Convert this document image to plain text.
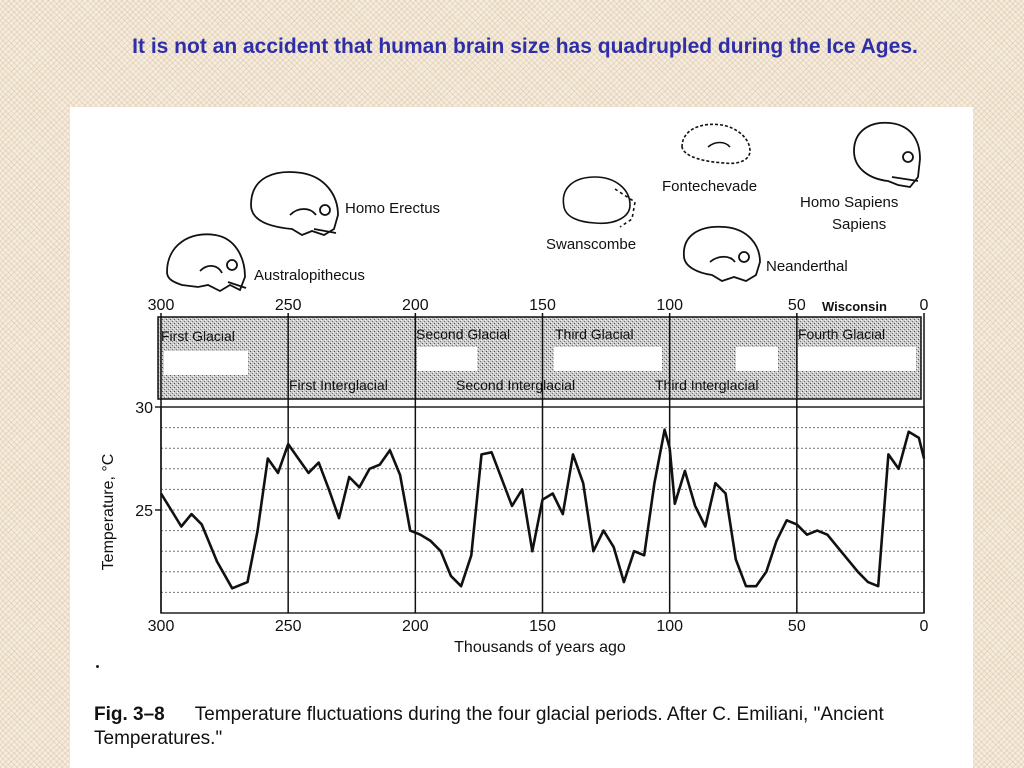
It is not an accident that human brain size has quadrupled during the Ice Ages.
Homo Erectus
Australopithecus
Swanscombe
Fontechevade
Neanderthal
Homo Sapiens
Sapiens
300	250	200	150	100	50	0
Wisconsin
First Glacial
First Interglacial
Second Glacial
Second Interglacial
Third Glacial
Third Interglacial
Fourth Glacial
30
25
300	250	200	150	100	50	0
Thousands of years ago
Temperature, °C
Fig. 3–8 Temperature fluctuations during the four glacial periods. After C. Emiliani, "Ancient Temperatures."
